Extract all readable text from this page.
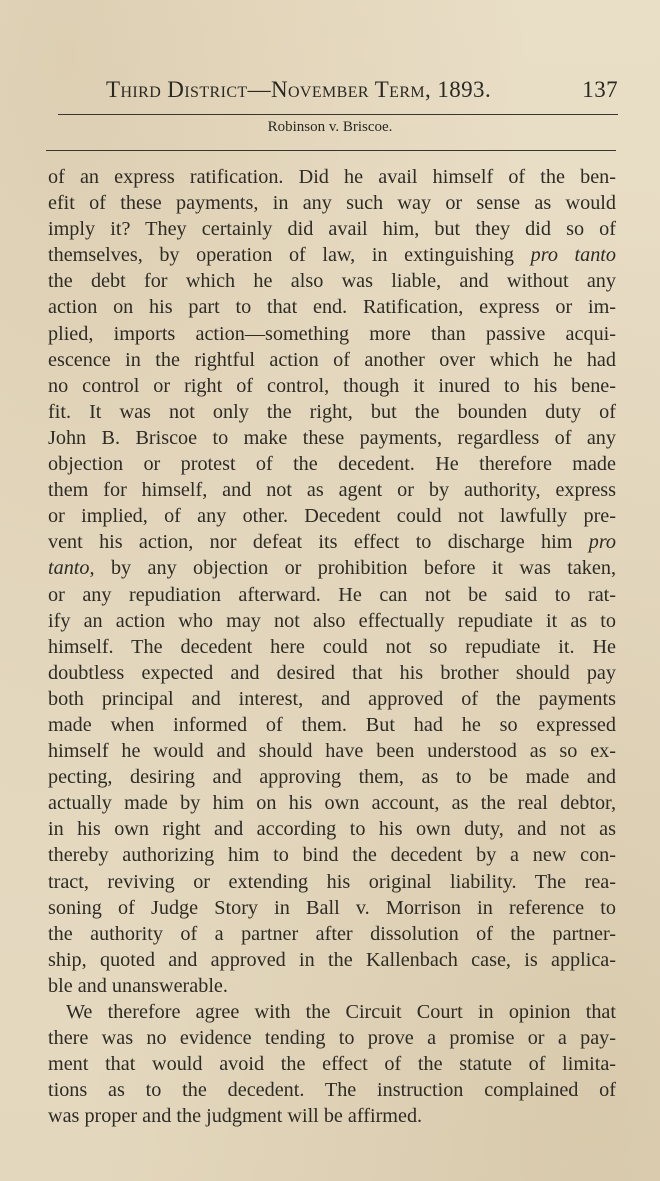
Third District—November Term, 1893.	137
Robinson v. Briscoe.
of an express ratification. Did he avail himself of the ben-
efit of these payments, in any such way or sense as would
imply it? They certainly did avail him, but they did so of
themselves, by operation of law, in extinguishing pro tanto
the debt for which he also was liable, and without any
action on his part to that end. Ratification, express or im-
plied, imports action—something more than passive acqui-
escence in the rightful action of another over which he had
no control or right of control, though it inured to his bene-
fit. It was not only the right, but the bounden duty of
John B. Briscoe to make these payments, regardless of any
objection or protest of the decedent. He therefore made
them for himself, and not as agent or by authority, express
or implied, of any other. Decedent could not lawfully pre-
vent his action, nor defeat its effect to discharge him pro
tanto, by any objection or prohibition before it was taken,
or any repudiation afterward. He can not be said to rat-
ify an action who may not also effectually repudiate it as to
himself. The decedent here could not so repudiate it. He
doubtless expected and desired that his brother should pay
both principal and interest, and approved of the payments
made when informed of them. But had he so expressed
himself he would and should have been understood as so ex-
pecting, desiring and approving them, as to be made and
actually made by him on his own account, as the real debtor,
in his own right and according to his own duty, and not as
thereby authorizing him to bind the decedent by a new con-
tract, reviving or extending his original liability. The rea-
soning of Judge Story in Ball v. Morrison in reference to
the authority of a partner after dissolution of the partner-
ship, quoted and approved in the Kallenbach case, is applica-
ble and unanswerable.
We therefore agree with the Circuit Court in opinion that
there was no evidence tending to prove a promise or a pay-
ment that would avoid the effect of the statute of limita-
tions as to the decedent. The instruction complained of
was proper and the judgment will be affirmed.
